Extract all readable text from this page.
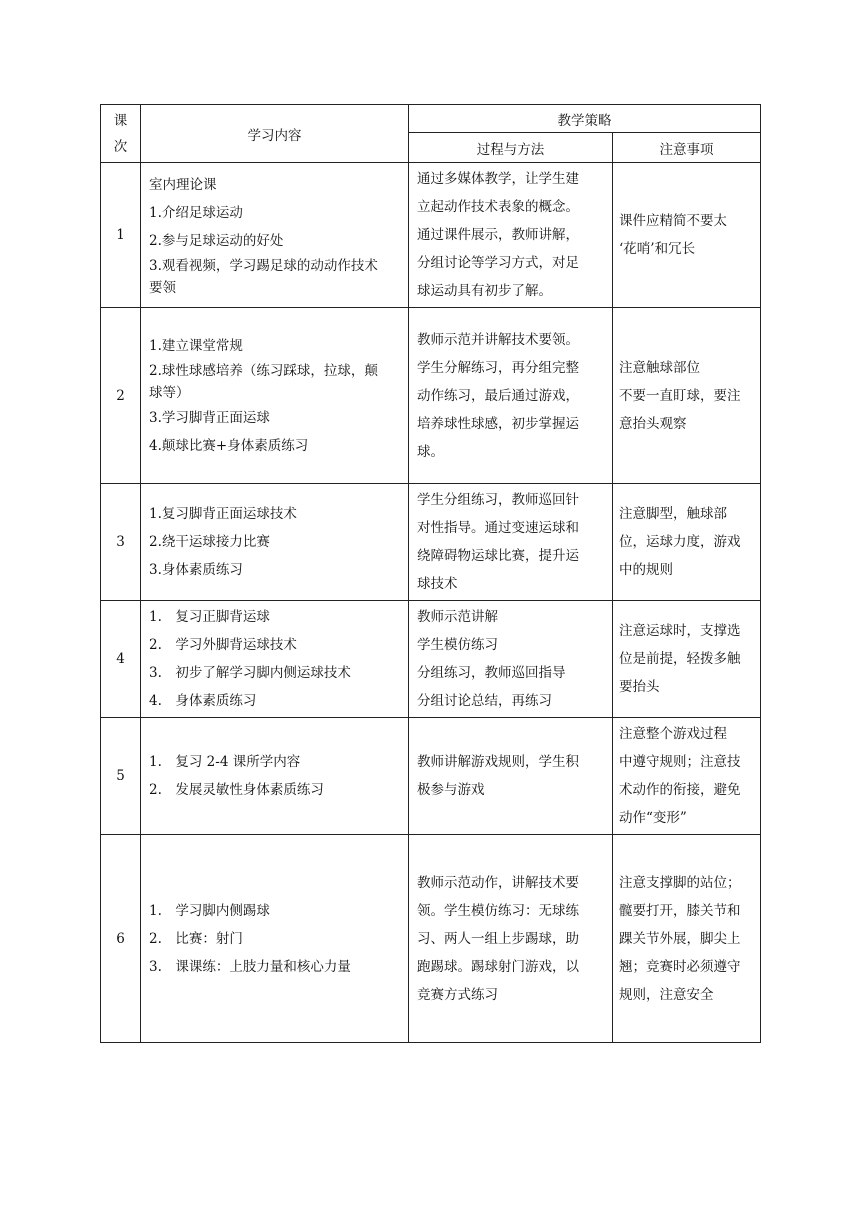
课
次	学习内容	教学策略	
		过程与方法	注意事项
1	室内理论课
1.介绍足球运动
2.参与足球运动的好处
3.观看视频，学习踢足球的动动作技术
要领	通过多媒体教学，让学生建
立起动作技术表象的概念。
通过课件展示，教师讲解，
分组讨论等学习方式，对足
球运动具有初步了解。	课件应精简不要太
‘花哨’和冗长

2	1.建立课堂常规
2.球性球感培养（练习踩球，拉球，颠
球等）
3.学习脚背正面运球
4.颠球比赛+身体素质练习	教师示范并讲解技术要领。
学生分解练习，再分组完整
动作练习，最后通过游戏，
培养球性球感，初步掌握运
球。	注意触球部位
不要一直盯球，要注
意抬头观察

3	1.复习脚背正面运球技术
2.绕干运球接力比赛
3.身体素质练习	学生分组练习，教师巡回针
对性指导。通过变速运球和
绕障碍物运球比赛，提升运
球技术	注意脚型，触球部
位，运球力度，游戏
中的规则

4	1.　复习正脚背运球
2.　学习外脚背运球技术
3.　初步了解学习脚内侧运球技术
4.　身体素质练习	教师示范讲解
学生模仿练习
分组练习，教师巡回指导
分组讨论总结，再练习	注意运球时，支撑选
位是前提，轻拨多触
要抬头

5	1.　复习 2-4 课所学内容
2.　发展灵敏性身体素质练习	教师讲解游戏规则，学生积
极参与游戏	注意整个游戏过程
中遵守规则；注意技
术动作的衔接，避免
动作“变形”

6	1.　学习脚内侧踢球
2.　比赛：射门
3.　课课练：上肢力量和核心力量	教师示范动作，讲解技术要
领。学生模仿练习：无球练
习、两人一组上步踢球，助
跑踢球。踢球射门游戏，以
竞赛方式练习	注意支撑脚的站位；
髋要打开，膝关节和
踝关节外展，脚尖上
翘；竞赛时必须遵守
规则，注意安全
